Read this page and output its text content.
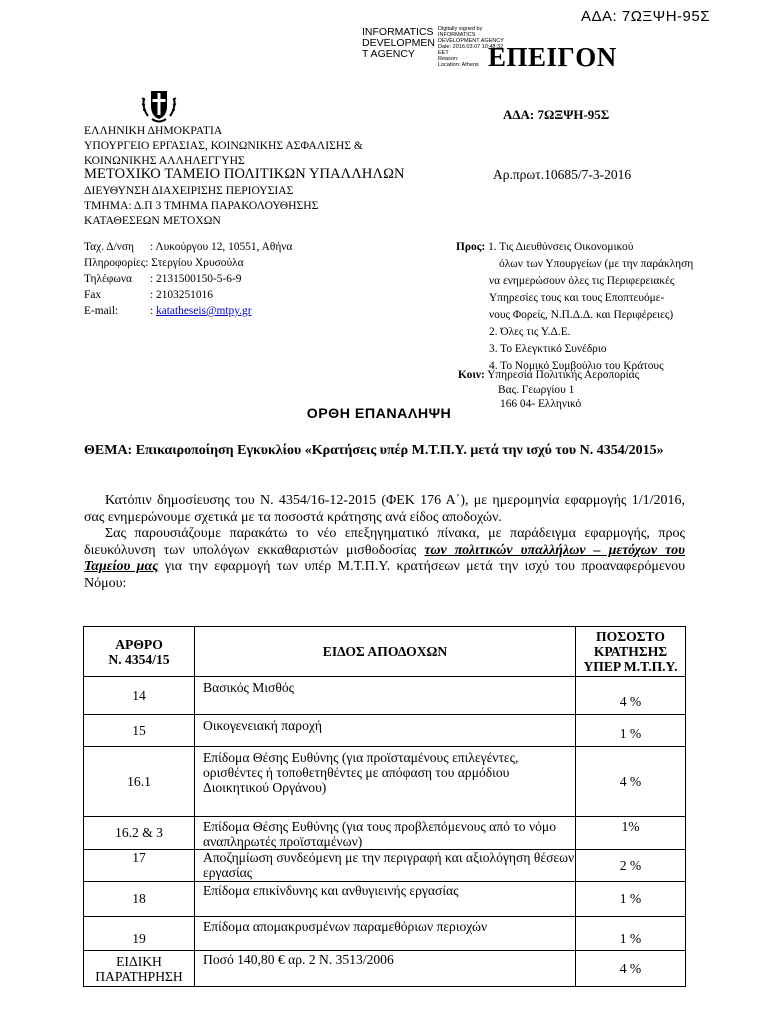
ΑΔΑ: 7ΩΞΨΗ-95Σ
INFORMATICS
DEVELOPMEN
T AGENCY
Digitally signed by
INFORMATICS
DEVELOPMENT AGENCY
Date: 2016.03.07 10:48:32
EET
Reason:
Location: Athens ΕΠΕΙΓΟΝ
ΑΔΑ: 7ΩΞΨΗ-95Σ
ΕΛΛΗΝΙΚΗ ΔΗΜΟΚΡΑΤΙΑ
ΥΠΟΥΡΓΕΙΟ ΕΡΓΑΣΙΑΣ, ΚΟΙΝΩΝΙΚΗΣ ΑΣΦΑΛΙΣΗΣ &
ΚΟΙΝΩΝΙΚΗΣ ΑΛΛΗΛΕΓΓΥΗΣ
ΜΕΤΟΧΙΚΟ ΤΑΜΕΙΟ ΠΟΛΙΤΙΚΩΝ ΥΠΑΛΛΗΛΩΝ	Αρ.πρωτ.10685/7-3-2016
ΔΙΕΥΘΥΝΣΗ ΔΙΑΧΕΙΡΙΣΗΣ ΠΕΡΙΟΥΣΙΑΣ
ΤΜΗΜΑ: Δ.Π 3 ΤΜΗΜΑ ΠΑΡΑΚΟΛΟΥΘΗΣΗΣ
ΚΑΤΑΘΕΣΕΩΝ ΜΕΤΟΧΩΝ
Ταχ. Δ/νση : Λυκούργου 12, 10551, Αθήνα
Πληροφορίες: Στεργίου Χρυσούλα
Τηλέφωνα : 2131500150-5-6-9
Fax	: 2103251016
E-mail:	: katatheseis@mtpy.gr
Προς: 1. Τις Διευθύνσεις Οικονομικού
όλων των Υπουργείων (με την παράκληση
να ενημερώσουν όλες τις Περιφερειακές
Υπηρεσίες τους και τους Εποπτευόμε-
νους Φορείς, Ν.Π.Δ.Δ. και Περιφέρειες)
2. Όλες τις Υ.Δ.Ε.
3. Το Ελεγκτικό Συνέδριο
4. Το Νομικό Συμβούλιο του Κράτους
Κοιν: Υπηρεσία Πολιτικής Αεροπορίας
Βας. Γεωργίου 1
166 04- Ελληνικό
ΟΡΘΗ ΕΠΑΝΑΛΗΨΗ
ΘΕΜΑ: Επικαιροποίηση Εγκυκλίου «Κρατήσεις υπέρ Μ.Τ.Π.Υ. μετά την ισχύ του Ν. 4354/2015»

Κατόπιν δημοσίευσης του Ν. 4354/16-12-2015 (ΦΕΚ 176 Α΄), με ημερομηνία εφαρμογής 1/1/2016, σας ενημερώνουμε σχετικά με τα ποσοστά κράτησης ανά είδος αποδοχών.

Σας παρουσιάζουμε παρακάτω το νέο επεξηγηματικό πίνακα, με παράδειγμα εφαρμογής, προς διευκόλυνση των υπολόγων εκκαθαριστών μισθοδοσίας των πολιτικών υπαλλήλων – μετόχων του Ταμείου μας για την εφαρμογή των υπέρ Μ.Τ.Π.Υ. κρατήσεων μετά την ισχύ του προαναφερόμενου Νόμου:

ΑΡΘΡΟ
Ν. 4354/15	ΕΙΔΟΣ ΑΠΟΔΟΧΩΝ	ΠΟΣΟΣΤΟ
ΚΡΑΤΗΣΗΣ
ΥΠΕΡ Μ.Τ.Π.Υ.
14	Βασικός Μισθός	4 %
15	Οικογενειακή παροχή	1 %
16.1	Επίδομα Θέσης Ευθύνης (για προϊσταμένους επιλεγέντες, ορισθέντες ή τοποθετηθέντες με απόφαση του αρμόδιου Διοικητικού Οργάνου)	4 %
16.2 & 3	Επίδομα Θέσης Ευθύνης (για τους προβλεπόμενους από το νόμο αναπληρωτές προϊσταμένων)	1%
17	Αποζημίωση συνδεόμενη με την περιγραφή και αξιολόγηση θέσεων εργασίας	2 %
18	Επίδομα επικίνδυνης και ανθυγιεινής εργασίας	1 %
19	Επίδομα απομακρυσμένων παραμεθόριων περιοχών	1 %
ΕΙΔΙΚΗ
ΠΑΡΑΤΗΡΗΣΗ	Ποσό 140,80 € αρ. 2 Ν. 3513/2006	4 %
